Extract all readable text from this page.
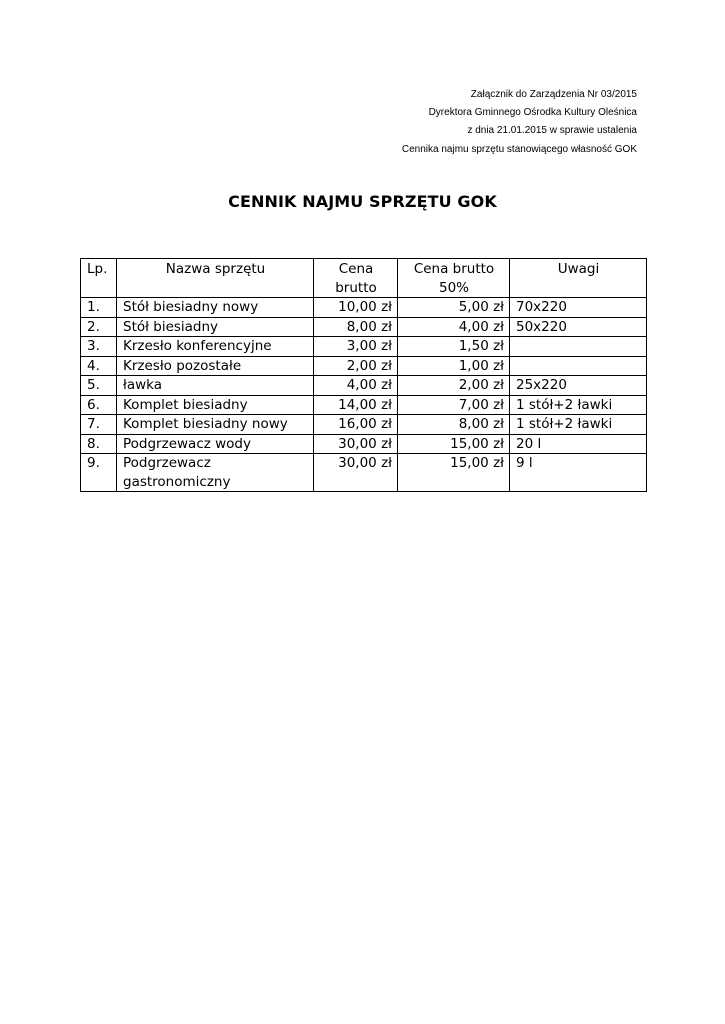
Załącznik do Zarządzenia Nr 03/2015
Dyrektora Gminnego Ośrodka Kultury Oleśnica
z dnia 21.01.2015 w sprawie ustalenia
Cennika najmu sprzętu stanowiącego własność GOK
CENNIK NAJMU SPRZĘTU GOK
Lp.	Nazwa sprzętu	Cena brutto	Cena brutto 50%	Uwagi
1.	Stół biesiadny nowy	10,00 zł	5,00 zł	70x220
2.	Stół biesiadny	8,00 zł	4,00 zł	50x220
3.	Krzesło konferencyjne	3,00 zł	1,50 zł	
4.	Krzesło pozostałe	2,00 zł	1,00 zł	
5.	ławka	4,00 zł	2,00 zł	25x220
6.	Komplet biesiadny	14,00 zł	7,00 zł	1 stół+2 ławki
7.	Komplet biesiadny nowy	16,00 zł	8,00 zł	1 stół+2 ławki
8.	Podgrzewacz wody	30,00 zł	15,00 zł	20 l
9.	Podgrzewacz gastronomiczny	30,00 zł	15,00 zł	9 l
